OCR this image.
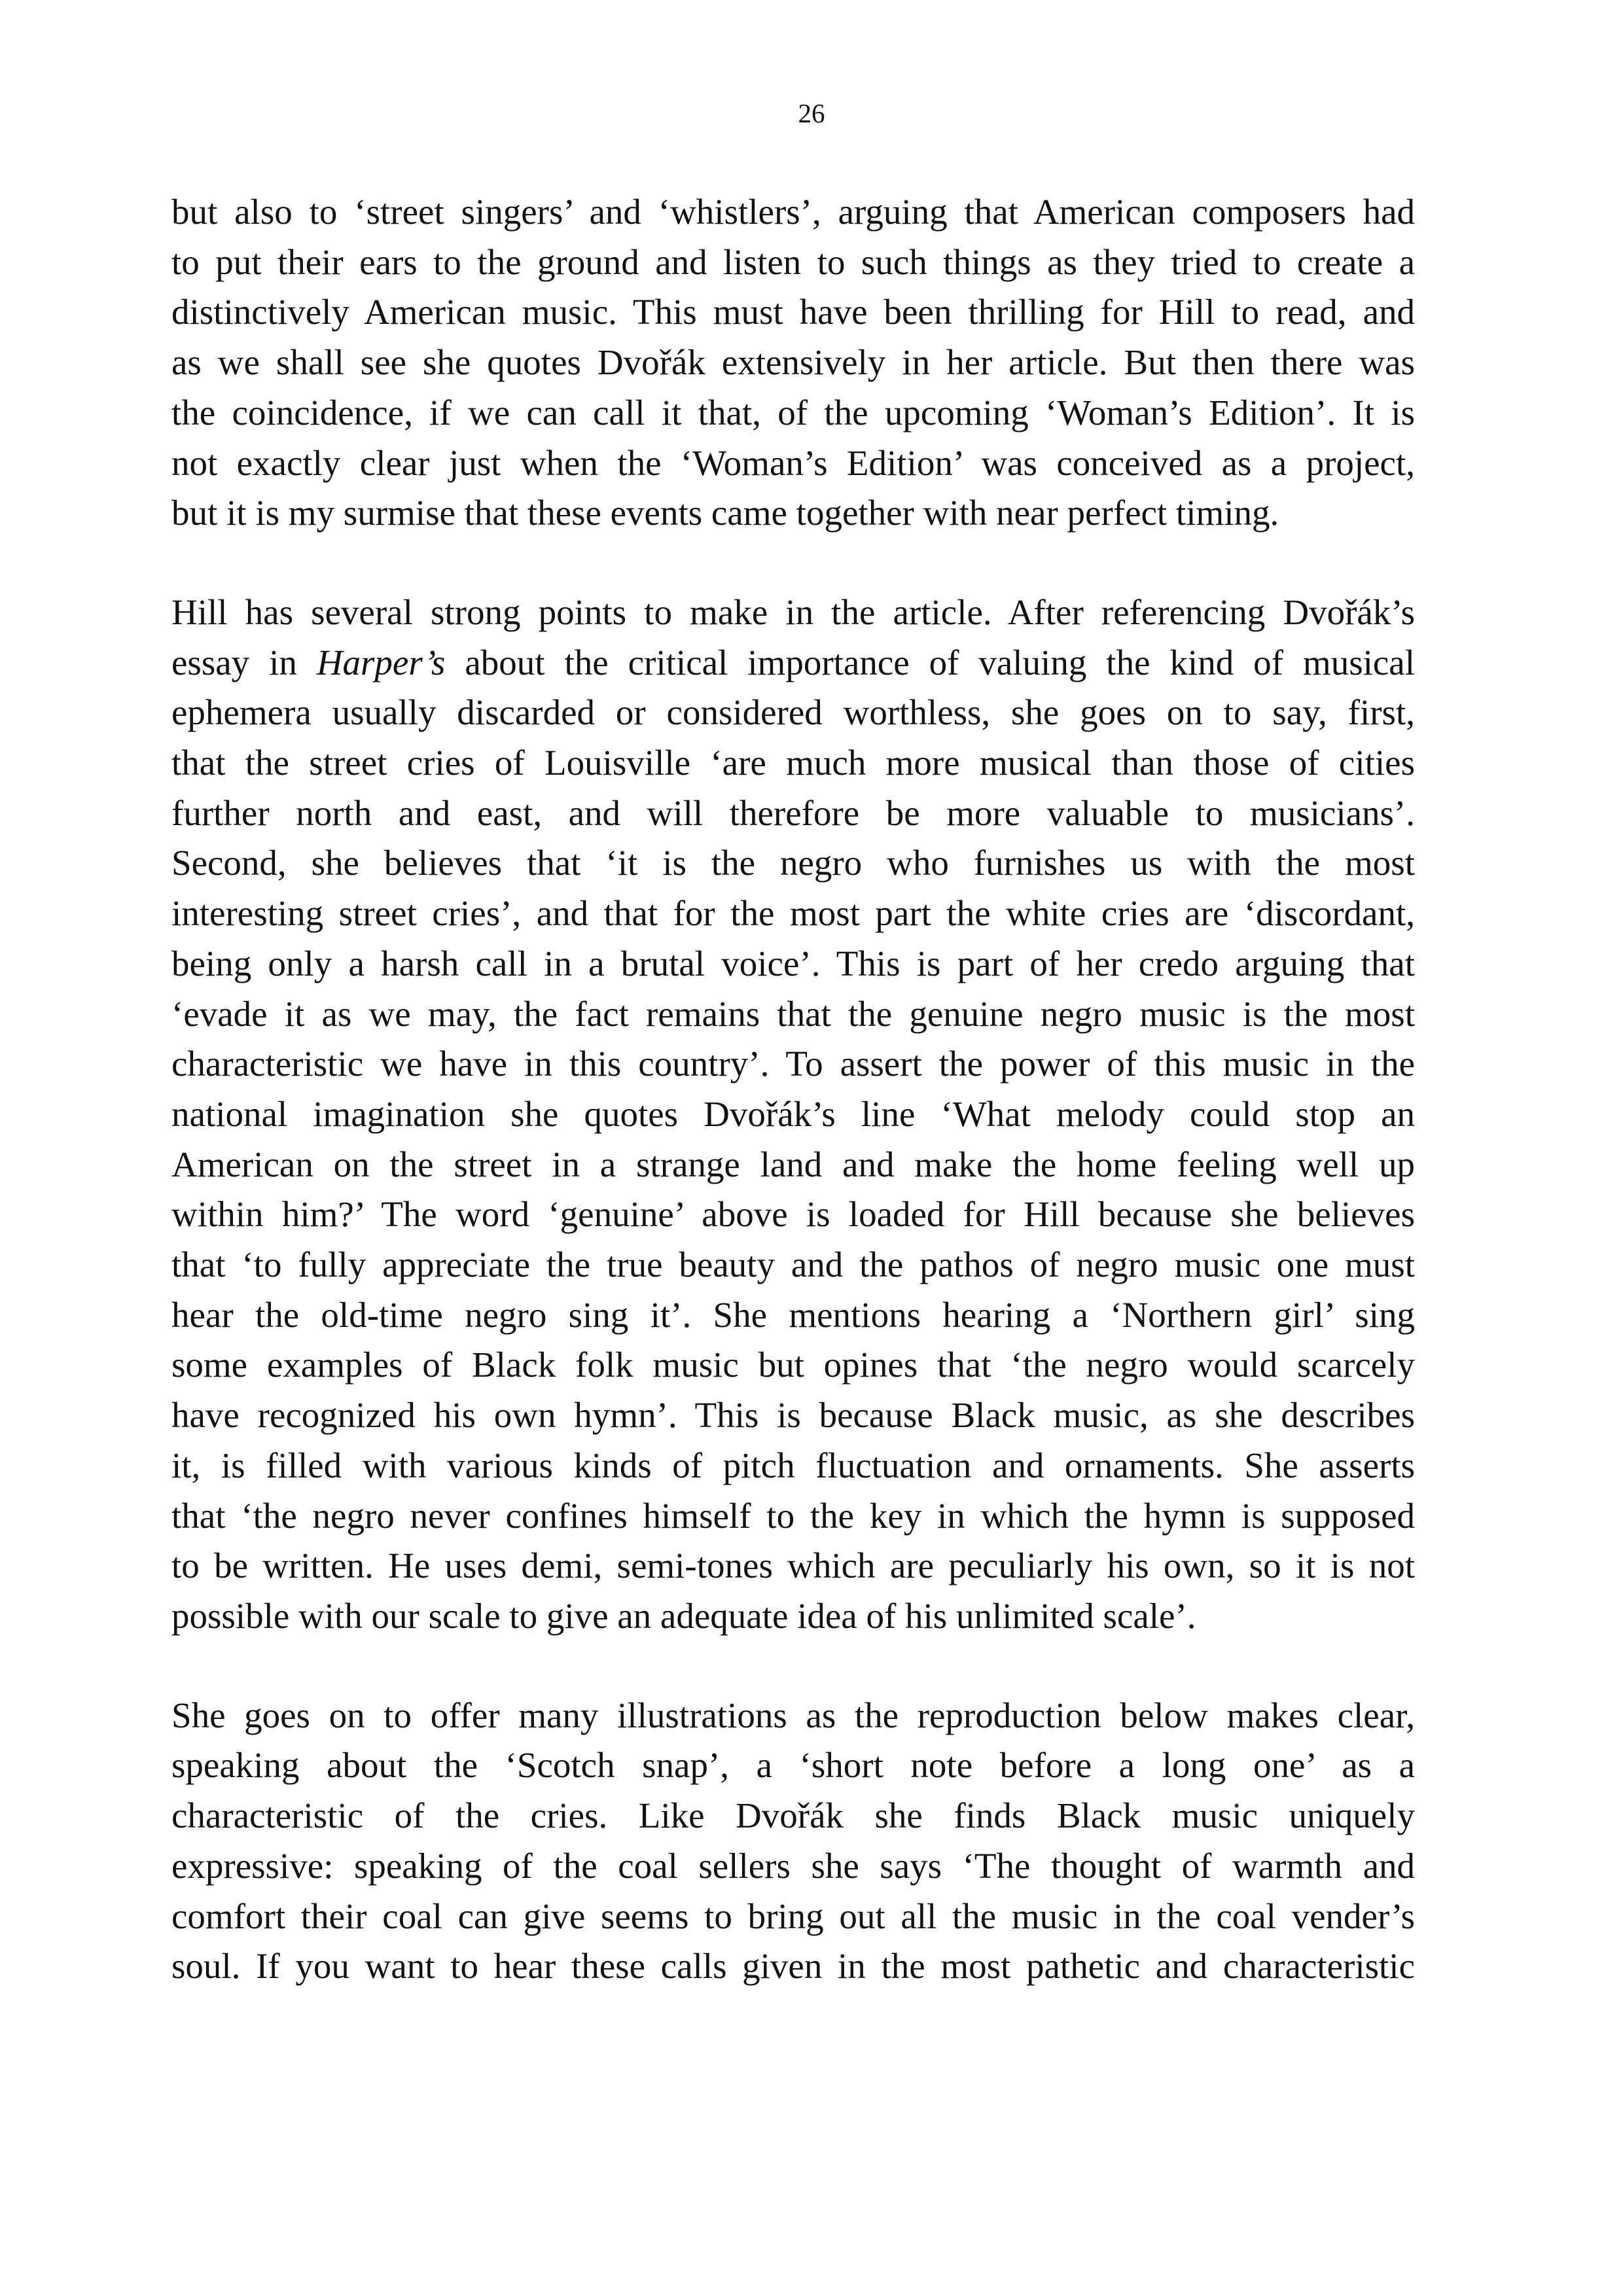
26

but also to ‘street singers’ and ‘whistlers’, arguing that American composers had
to put their ears to the ground and listen to such things as they tried to create a
distinctively American music. This must have been thrilling for Hill to read, and
as we shall see she quotes Dvořák extensively in her article. But then there was
the coincidence, if we can call it that, of the upcoming ‘Woman’s Edition’. It is
not exactly clear just when the ‘Woman’s Edition’ was conceived as a project,
but it is my surmise that these events came together with near perfect timing.

Hill has several strong points to make in the article. After referencing Dvořák’s
essay in Harper’s about the critical importance of valuing the kind of musical
ephemera usually discarded or considered worthless, she goes on to say, first,
that the street cries of Louisville ‘are much more musical than those of cities
further north and east, and will therefore be more valuable to musicians’.
Second, she believes that ‘it is the negro who furnishes us with the most
interesting street cries’, and that for the most part the white cries are ‘discordant,
being only a harsh call in a brutal voice’. This is part of her credo arguing that
‘evade it as we may, the fact remains that the genuine negro music is the most
characteristic we have in this country’. To assert the power of this music in the
national imagination she quotes Dvořák’s line ‘What melody could stop an
American on the street in a strange land and make the home feeling well up
within him?’ The word ‘genuine’ above is loaded for Hill because she believes
that ‘to fully appreciate the true beauty and the pathos of negro music one must
hear the old-time negro sing it’. She mentions hearing a ‘Northern girl’ sing
some examples of Black folk music but opines that ‘the negro would scarcely
have recognized his own hymn’. This is because Black music, as she describes
it, is filled with various kinds of pitch fluctuation and ornaments. She asserts
that ‘the negro never confines himself to the key in which the hymn is supposed
to be written. He uses demi, semi-tones which are peculiarly his own, so it is not
possible with our scale to give an adequate idea of his unlimited scale’.

She goes on to offer many illustrations as the reproduction below makes clear,
speaking about the ‘Scotch snap’, a ‘short note before a long one’ as a
characteristic of the cries. Like Dvořák she finds Black music uniquely
expressive: speaking of the coal sellers she says ‘The thought of warmth and
comfort their coal can give seems to bring out all the music in the coal vender’s
soul. If you want to hear these calls given in the most pathetic and characteristic
